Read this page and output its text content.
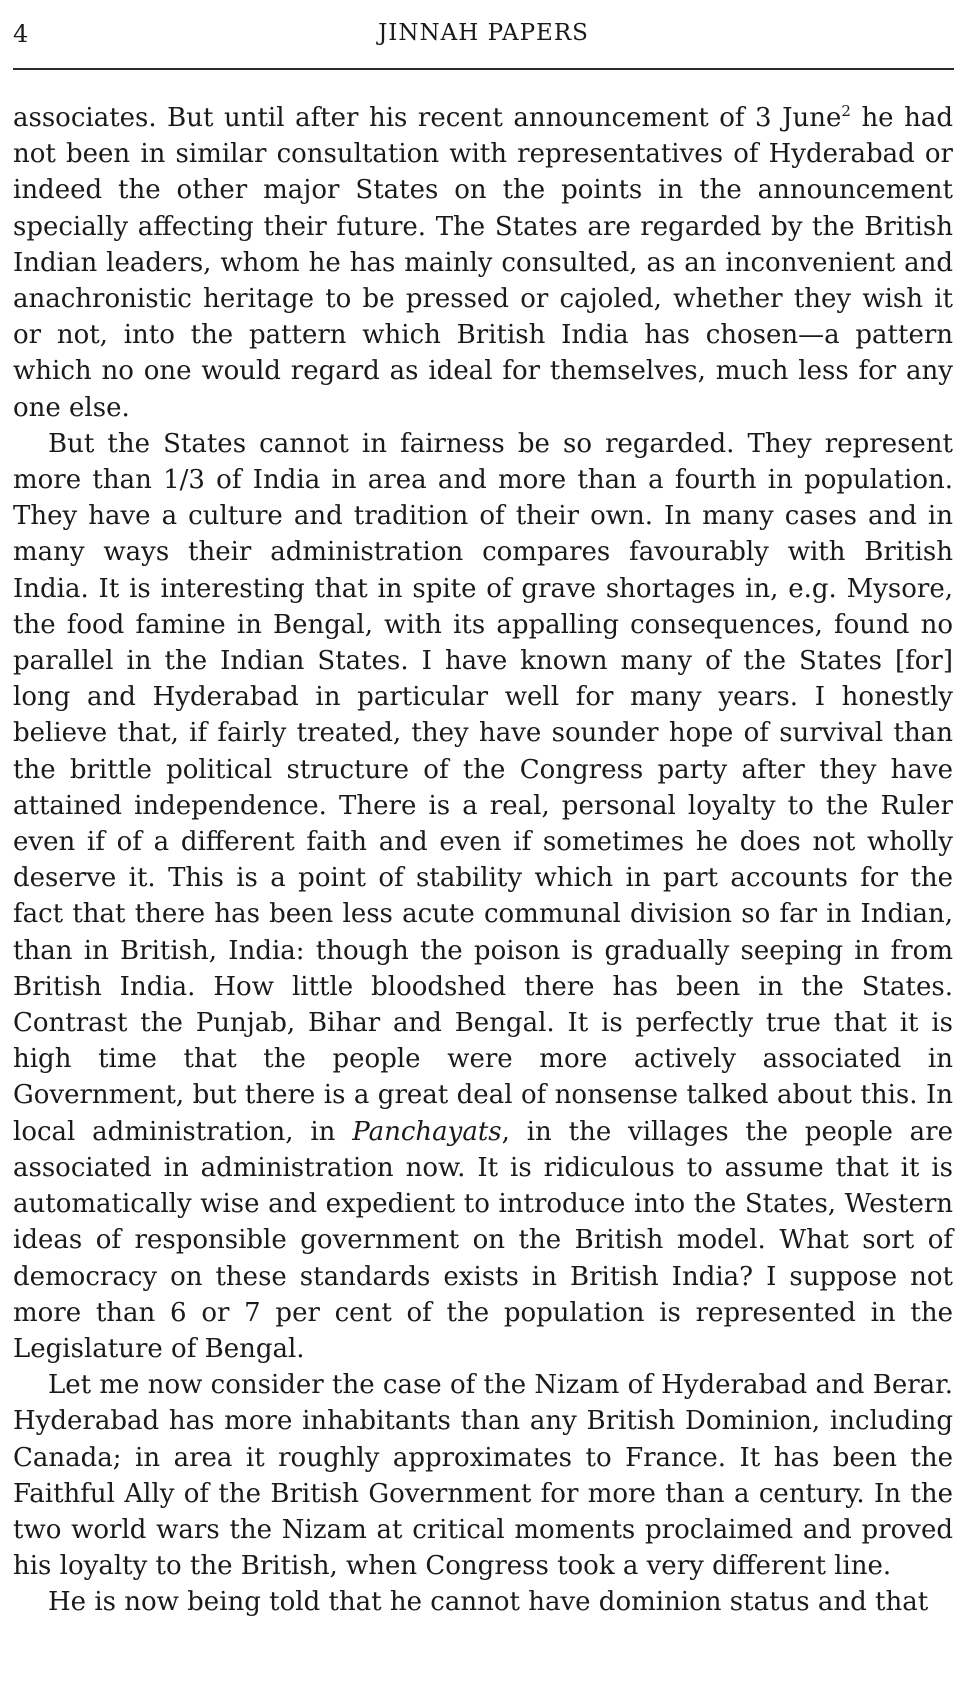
4	JINNAH PAPERS

associates. But until after his recent announcement of 3 June$^2$ he had not been in similar consultation with representatives of Hyderabad or indeed the other major States on the points in the announcement specially affecting their future. The States are regarded by the British Indian leaders, whom he has mainly consulted, as an inconvenient and anachronistic heritage to be pressed or cajoled, whether they wish it or not, into the pattern which British India has chosen—a pattern which no one would regard as ideal for themselves, much less for any one else.

But the States cannot in fairness be so regarded. They represent more than 1/3 of India in area and more than a fourth in population. They have a culture and tradition of their own. In many cases and in many ways their administration compares favourably with British India. It is interesting that in spite of grave shortages in, e.g. Mysore, the food famine in Bengal, with its appalling consequences, found no parallel in the Indian States. I have known many of the States [for] long and Hyderabad in particular well for many years. I honestly believe that, if fairly treated, they have sounder hope of survival than the brittle political structure of the Congress party after they have attained independence. There is a real, personal loyalty to the Ruler even if of a different faith and even if sometimes he does not wholly deserve it. This is a point of stability which in part accounts for the fact that there has been less acute communal division so far in Indian, than in British, India: though the poison is gradually seeping in from British India. How little bloodshed there has been in the States. Contrast the Punjab, Bihar and Bengal. It is perfectly true that it is high time that the people were more actively associated in Government, but there is a great deal of nonsense talked about this. In local administration, in Panchayats, in the villages the people are associated in administration now. It is ridiculous to assume that it is automatically wise and expedient to introduce into the States, Western ideas of responsible government on the British model. What sort of democracy on these standards exists in British India? I suppose not more than 6 or 7 per cent of the population is represented in the Legislature of Bengal.

Let me now consider the case of the Nizam of Hyderabad and Berar. Hyderabad has more inhabitants than any British Dominion, including Canada; in area it roughly approximates to France. It has been the Faithful Ally of the British Government for more than a century. In the two world wars the Nizam at critical moments proclaimed and proved his loyalty to the British, when Congress took a very different line.

He is now being told that he cannot have dominion status and that
